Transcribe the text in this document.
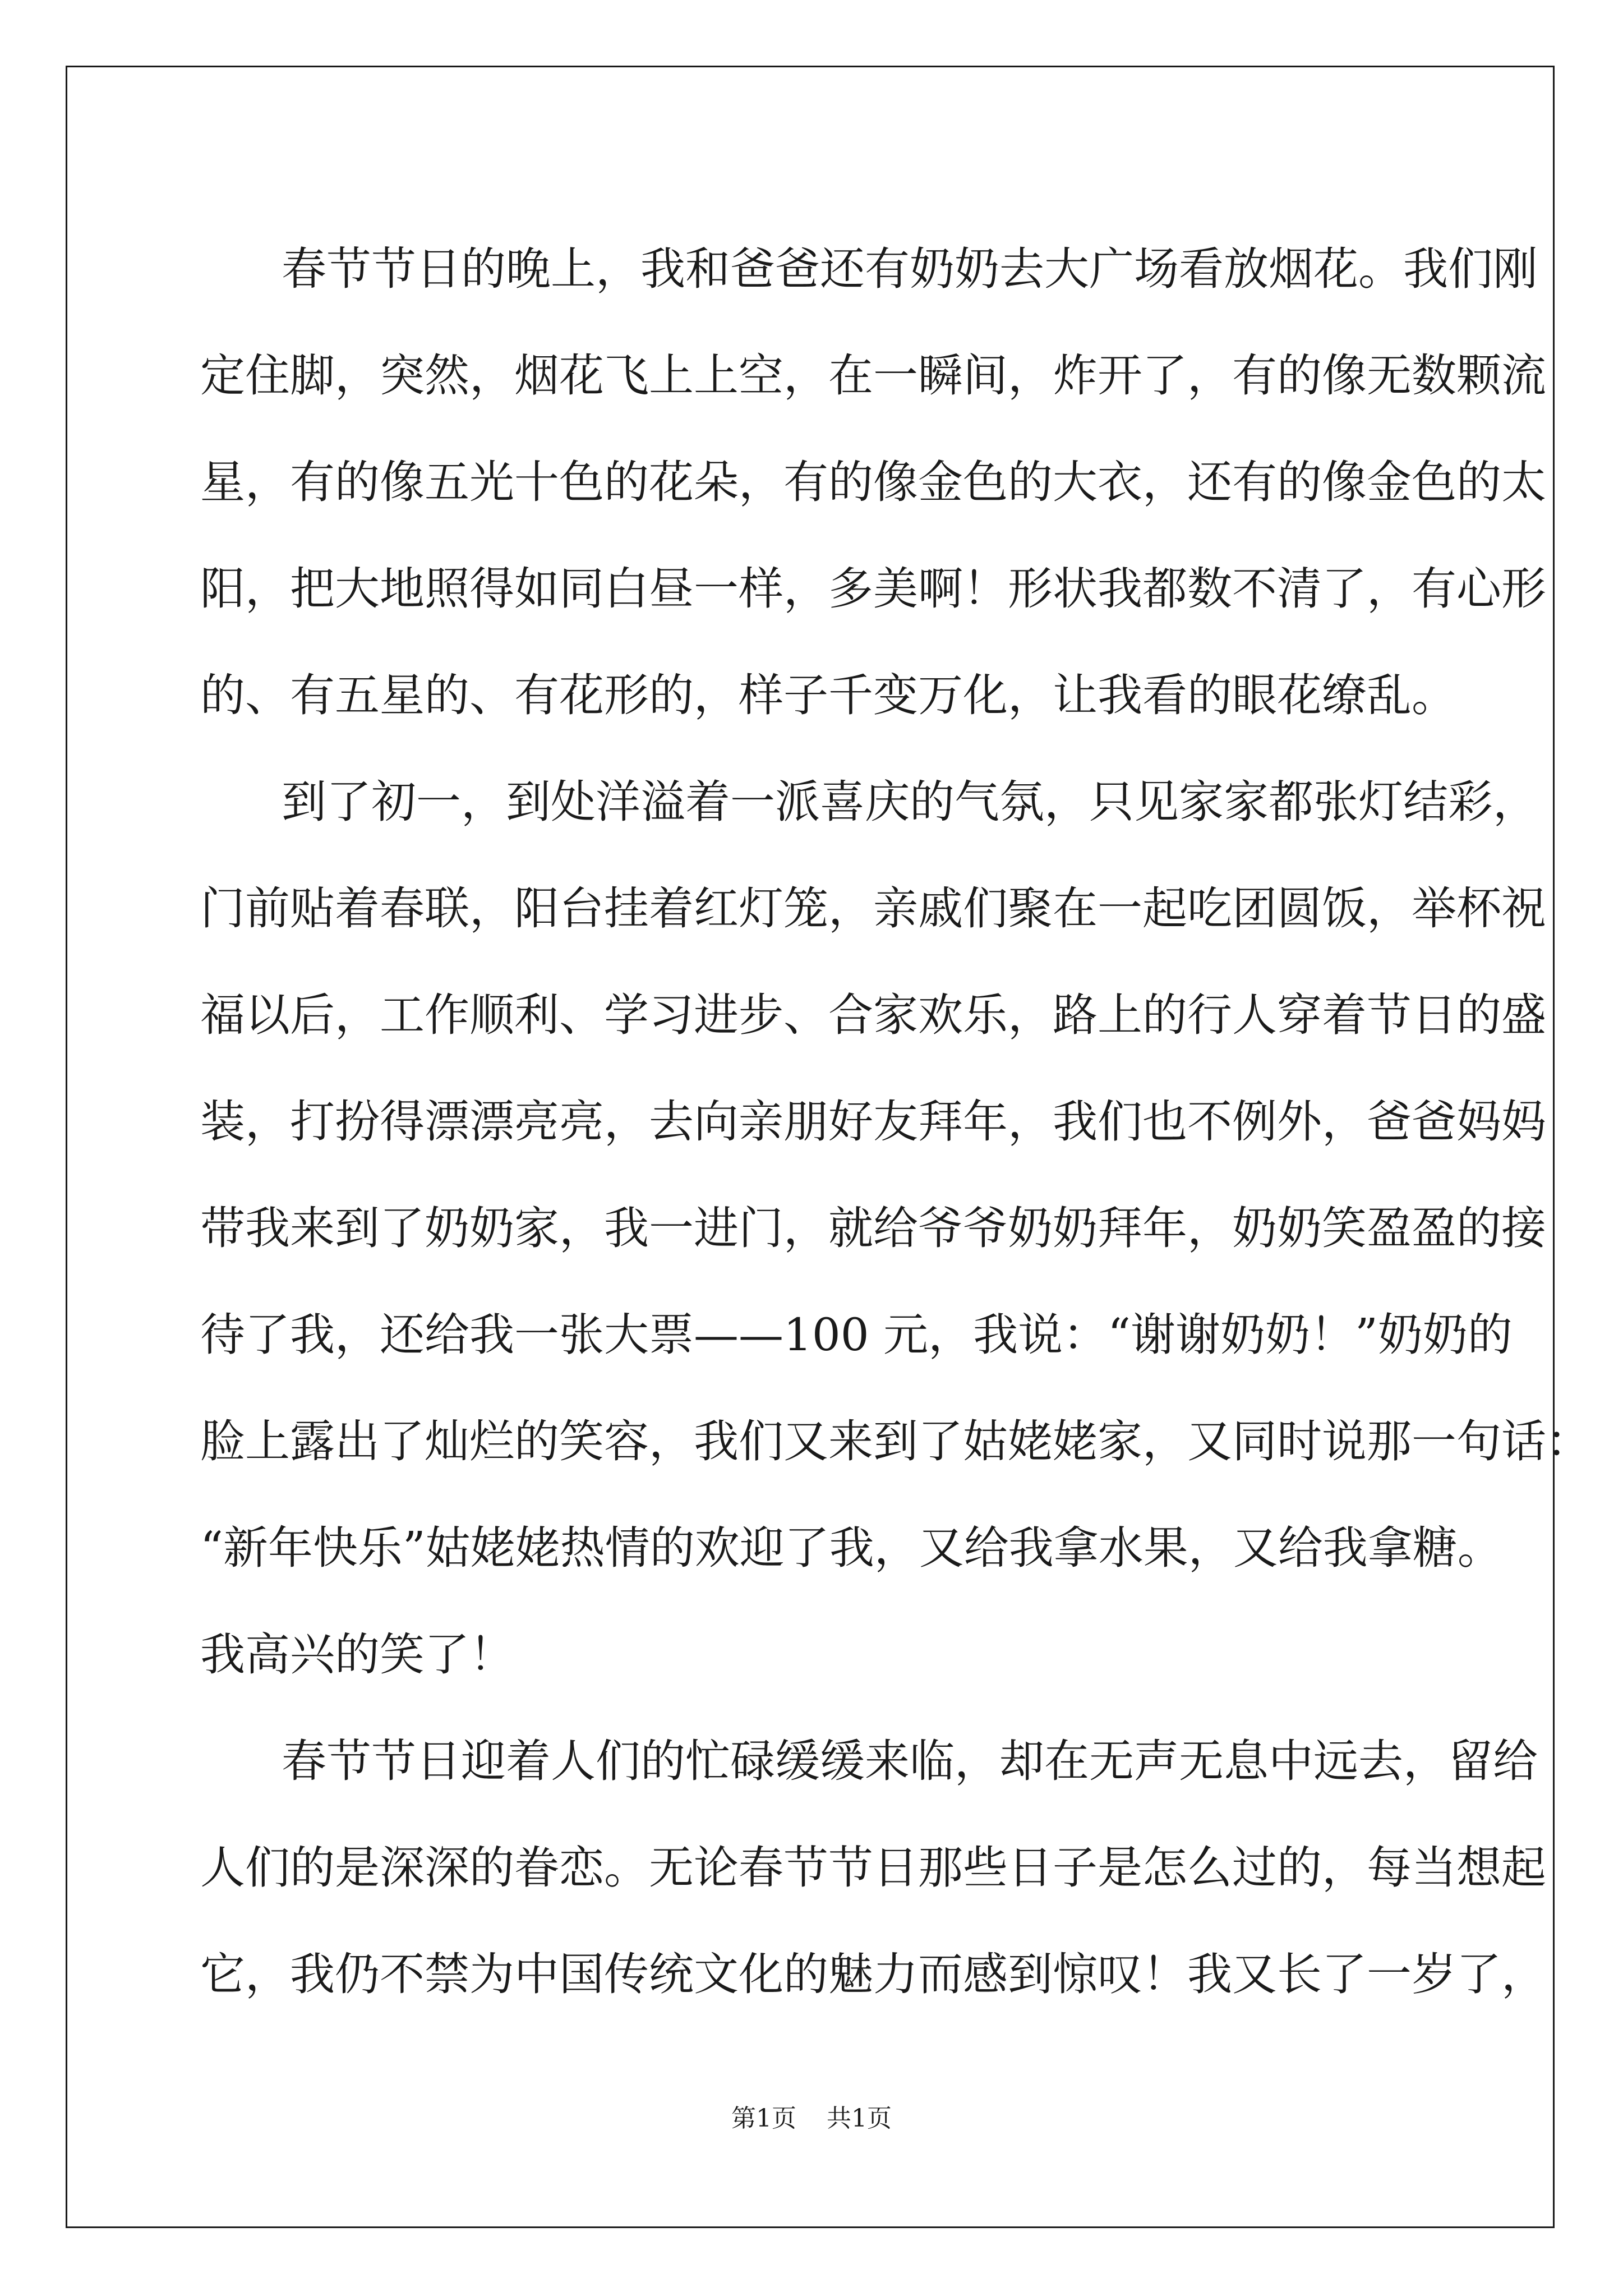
春节节日的晚上，我和爸爸还有奶奶去大广场看放烟花。我们刚
定住脚，突然，烟花飞上上空，在一瞬间，炸开了，有的像无数颗流
星，有的像五光十色的花朵，有的像金色的大衣，还有的像金色的太
阳，把大地照得如同白昼一样，多美啊！形状我都数不清了，有心形
的、有五星的、有花形的，样子千变万化，让我看的眼花缭乱。
到了初一，到处洋溢着一派喜庆的气氛，只见家家都张灯结彩，
门前贴着春联，阳台挂着红灯笼，亲戚们聚在一起吃团圆饭，举杯祝
福以后，工作顺利、学习进步、合家欢乐，路上的行人穿着节日的盛
装，打扮得漂漂亮亮，去向亲朋好友拜年，我们也不例外，爸爸妈妈
带我来到了奶奶家，我一进门，就给爷爷奶奶拜年，奶奶笑盈盈的接
待了我，还给我一张大票——100 元，我说：“谢谢奶奶！”奶奶的
脸上露出了灿烂的笑容，我们又来到了姑姥姥家，又同时说那一句话：
“新年快乐”姑姥姥热情的欢迎了我，又给我拿水果，又给我拿糖。
我高兴的笑了！
春节节日迎着人们的忙碌缓缓来临，却在无声无息中远去，留给
人们的是深深的眷恋。无论春节节日那些日子是怎么过的，每当想起
它，我仍不禁为中国传统文化的魅力而感到惊叹！我又长了一岁了，
第1页 共1页
